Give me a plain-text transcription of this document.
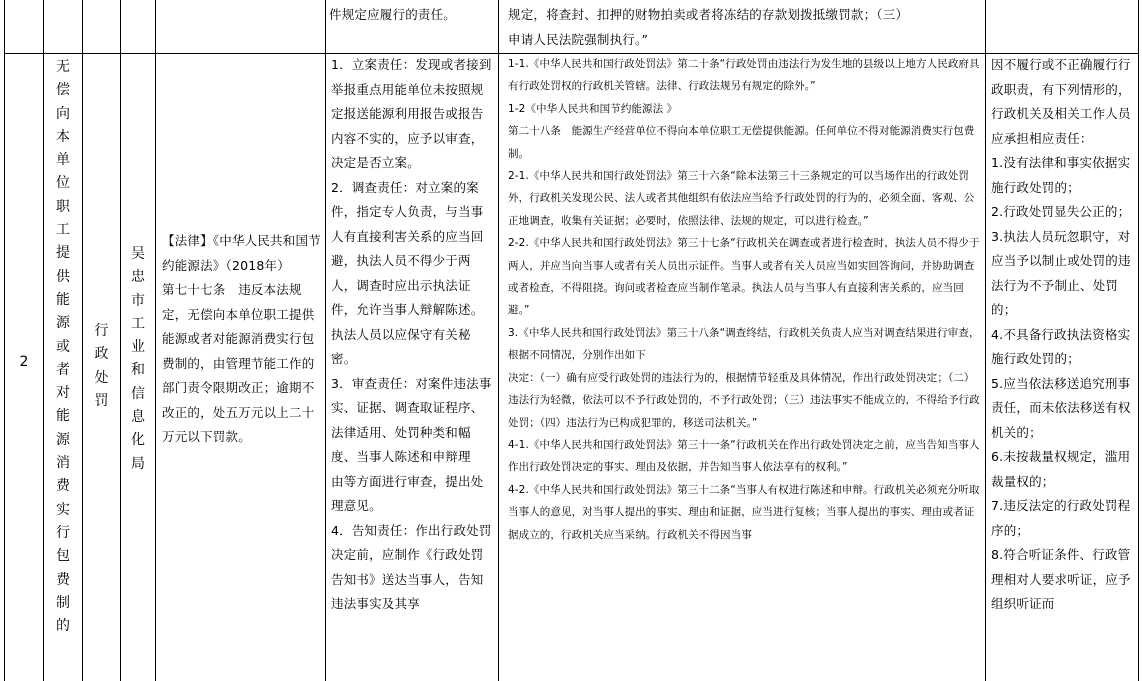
件规定应履行的责任。	规定，将查封、扣押的财物拍卖或者将冻结的存款划拨抵缴罚款；（三）

申请人民法院强制执行。”

2
无
偿
向
本
单
位
职
工
提
供
能
源
或
者
对
能
源
消
费
实
行
包
费
制
的
行
政
处
罚
吴
忠
市
工
业
和
信
息
化
局

【法律】《中华人民共和国节约能源法》（2018年）

第七十七条　违反本法规定，无偿向本单位职工提供能源或者对能源消费实行包费制的，由管理节能工作的部门责令限期改正；逾期不改正的，处五万元以上二十万元以下罚款。

1．立案责任：发现或者接到举报重点用能单位未按照规定报送能源利用报告或报告内容不实的，应予以审查，决定是否立案。

2．调查责任：对立案的案件，指定专人负责，与当事人有直接利害关系的应当回避，执法人员不得少于两人，调查时应出示执法证件，允许当事人辩解陈述。执法人员以应保守有关秘密。

3．审查责任：对案件违法事实、证据、调查取证程序、法律适用、处罚种类和幅度、当事人陈述和申辩理

由等方面进行审查，提出处理意见。

4．告知责任：作出行政处罚决定前，应制作《行政处罚告知书》送达当事人，告知违法事实及其享

1-1.《中华人民共和国行政处罚法》第二十条“行政处罚由违法行为发生地的县级以上地方人民政府具有行政处罚权的行政机关管辖。法律、行政法规另有规定的除外。”

1-2《中华人民共和国节约能源法 》

第二十八条　能源生产经营单位不得向本单位职工无偿提供能源。任何单位不得对能源消费实行包费制。

2-1.《中华人民共和国行政处罚法》第三十六条“除本法第三十三条规定的可以当场作出的行政处罚外，行政机关发现公民、法人或者其他组织有依法应当给予行政处罚的行为的，必须全面、客观、公正地调查，收集有关证据；必要时，依照法律、法规的规定，可以进行检查。”

2-2.《中华人民共和国行政处罚法》第三十七条“行政机关在调查或者进行检查时，执法人员不得少于两人，并应当向当事人或者有关人员出示证件。当事人或者有关人员应当如实回答询问，并协助调查或者检查，不得阻挠。询问或者检查应当制作笔录。执法人员与当事人有直接利害关系的，应当回避。”

3.《中华人民共和国行政处罚法》第三十八条“调查终结，行政机关负责人应当对调查结果进行审查，根据不同情况，分别作出如下

决定：（一）确有应受行政处罚的违法行为的，根据情节轻重及具体情况，作出行政处罚决定；（二）违法行为轻微，依法可以不予行政处罚的，不予行政处罚；（三）违法事实不能成立的，不得给予行政处罚；（四）违法行为已构成犯罪的，移送司法机关。”

4-1.《中华人民共和国行政处罚法》第三十一条“行政机关在作出行政处罚决定之前，应当告知当事人作出行政处罚决定的事实、理由及依据，并告知当事人依法享有的权利。”

4-2.《中华人民共和国行政处罚法》第三十二条“当事人有权进行陈述和申辩。行政机关必须充分听取当事人的意见，对当事人提出的事实、理由和证据，应当进行复核；当事人提出的事实、理由或者证据成立的，行政机关应当采纳。行政机关不得因当事

因不履行或不正确履行行政职责，有下列情形的，行政机关及相关工作人员应承担相应责任：

1.没有法律和事实依据实施行政处罚的；

2.行政处罚显失公正的；

3.执法人员玩忽职守，对应当予以制止或处罚的违法行为不予制止、处罚的；

4.不具备行政执法资格实施行政处罚的；

5.应当依法移送追究刑事责任，而未依法移送有权机关的；

6.未按裁量权规定，滥用裁量权的；

7.违反法定的行政处罚程序的；

8.符合听证条件、行政管理相对人要求听证，应予组织听证而
